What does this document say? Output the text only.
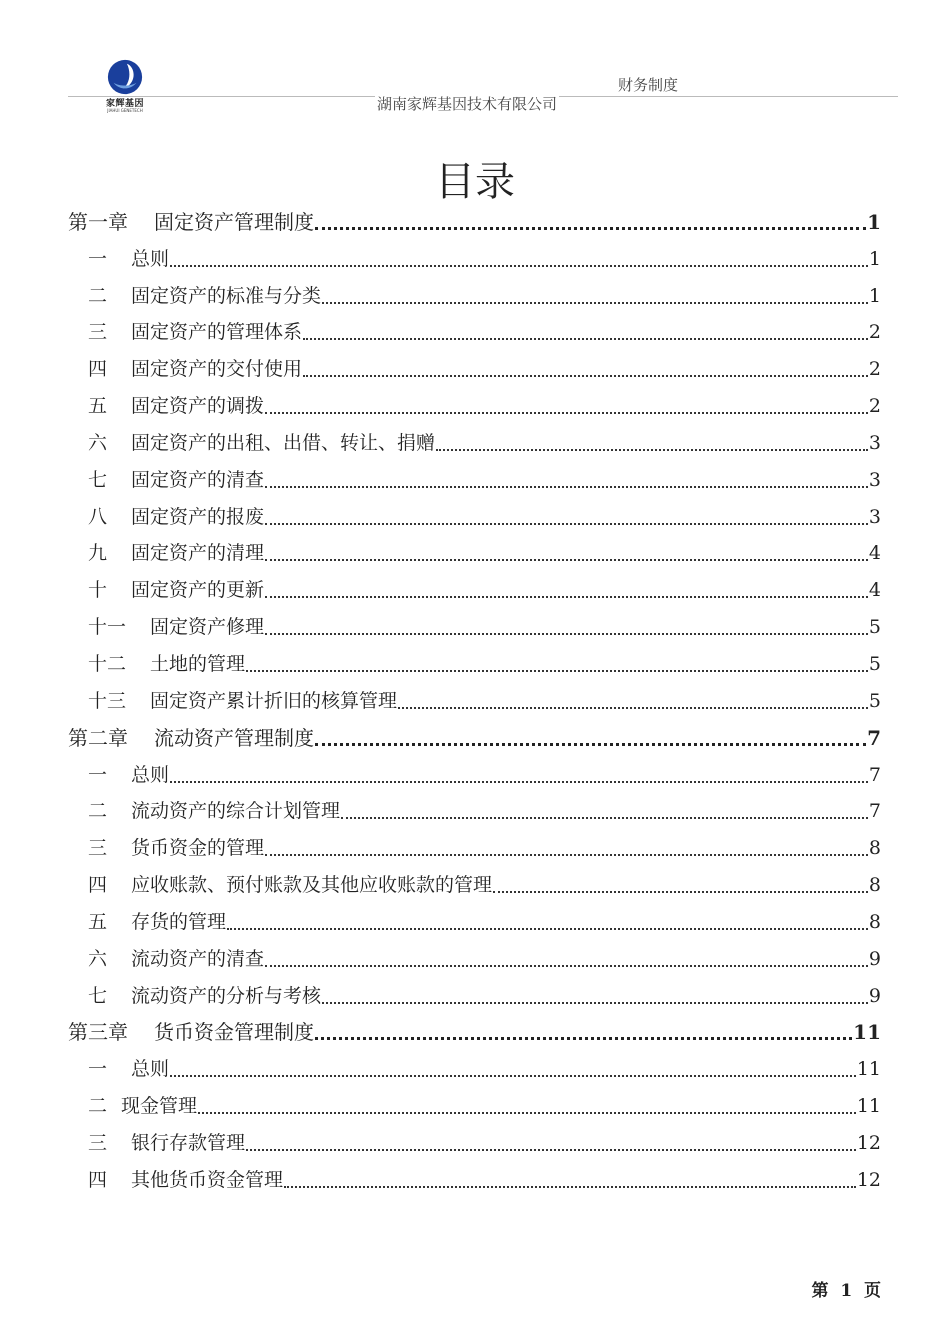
家辉基因
JIAHUI GENETECH
财务制度
湖南家辉基因技术有限公司
目录
第一章 固定资产管理制度	1
一 总则	1
二 固定资产的标准与分类	1
三 固定资产的管理体系	2
四 固定资产的交付使用	2
五 固定资产的调拨	2
六 固定资产的出租、出借、转让、捐赠	3
七 固定资产的清查	3
八 固定资产的报废	3
九 固定资产的清理	4
十 固定资产的更新	4
十一 固定资产修理	5
十二 土地的管理	5
十三 固定资产累计折旧的核算管理	5
第二章 流动资产管理制度	7
一 总则	7
二 流动资产的综合计划管理	7
三 货币资金的管理	8
四 应收账款、预付账款及其他应收账款的管理	8
五 存货的管理	8
六 流动资产的清查	9
七 流动资产的分析与考核	9
第三章 货币资金管理制度	11
一 总则	11
二 现金管理	11
三 银行存款管理	12
四 其他货币资金管理	12
第  1  页
